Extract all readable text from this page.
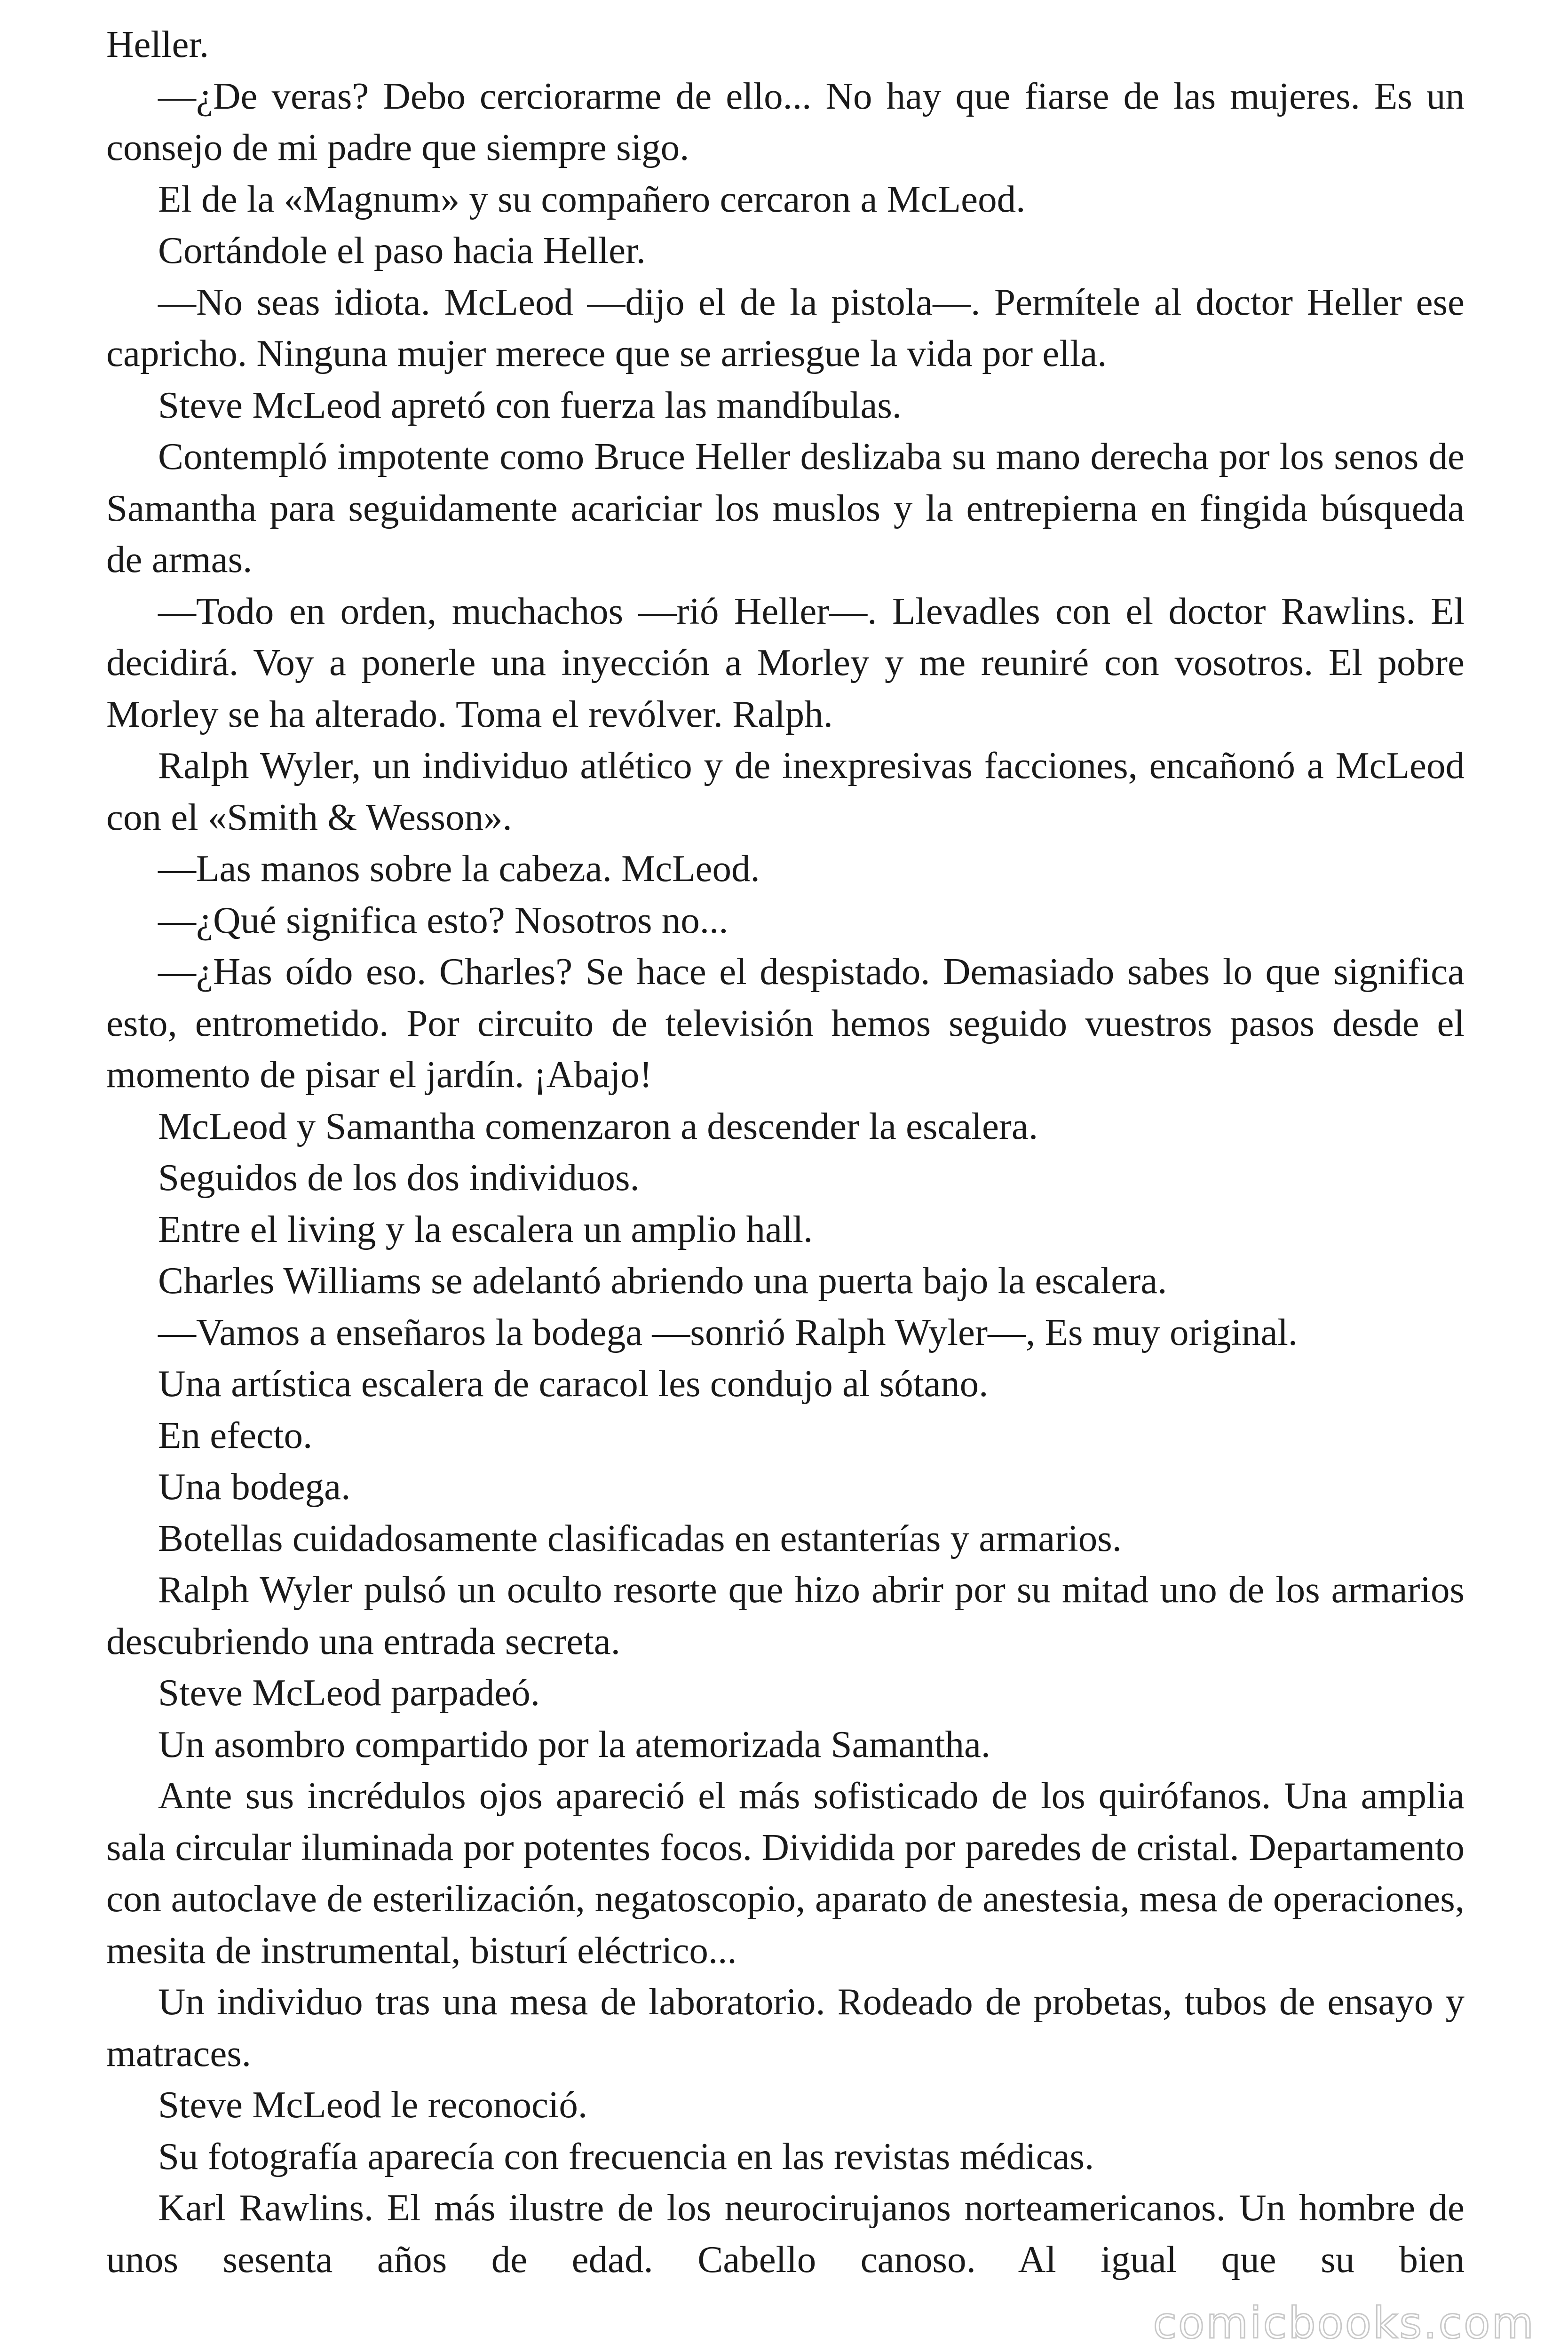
Heller.

—¿De veras? Debo cerciorarme de ello... No hay que fiarse de las mujeres. Es un consejo de mi padre que siempre sigo.

El de la «Magnum» y su compañero cercaron a McLeod.

Cortándole el paso hacia Heller.

—No seas idiota. McLeod —dijo el de la pistola—. Permítele al doctor Heller ese capricho. Ninguna mujer merece que se arriesgue la vida por ella.

Steve McLeod apretó con fuerza las mandíbulas.

Contempló impotente como Bruce Heller deslizaba su mano derecha por los senos de Samantha para seguidamente acariciar los muslos y la entrepierna en fingida búsqueda de armas.

—Todo en orden, muchachos —rió Heller—. Llevadles con el doctor Rawlins. El decidirá. Voy a ponerle una inyección a Morley y me reuniré con vosotros. El pobre Morley se ha alterado. Toma el revólver. Ralph.

Ralph Wyler, un individuo atlético y de inexpresivas facciones, encañonó a McLeod con el «Smith & Wesson».

—Las manos sobre la cabeza. McLeod.

—¿Qué significa esto? Nosotros no...

—¿Has oído eso. Charles? Se hace el despistado. Demasiado sabes lo que significa esto, entrometido. Por circuito de televisión hemos seguido vuestros pasos desde el momento de pisar el jardín. ¡Abajo!

McLeod y Samantha comenzaron a descender la escalera.

Seguidos de los dos individuos.

Entre el living y la escalera un amplio hall.

Charles Williams se adelantó abriendo una puerta bajo la escalera.

—Vamos a enseñaros la bodega —sonrió Ralph Wyler—, Es muy original.

Una artística escalera de caracol les condujo al sótano.

En efecto.

Una bodega.

Botellas cuidadosamente clasificadas en estanterías y armarios.

Ralph Wyler pulsó un oculto resorte que hizo abrir por su mitad uno de los armarios descubriendo una entrada secreta.

Steve McLeod parpadeó.

Un asombro compartido por la atemorizada Samantha.

Ante sus incrédulos ojos apareció el más sofisticado de los quirófanos. Una amplia sala circular iluminada por potentes focos. Dividida por paredes de cristal. Departamento con autoclave de esterilización, negatoscopio, aparato de anestesia, mesa de operaciones, mesita de instrumental, bisturí eléctrico...

Un individuo tras una mesa de laboratorio. Rodeado de probetas, tubos de ensayo y matraces.

Steve McLeod le reconoció.

Su fotografía aparecía con frecuencia en las revistas médicas.

Karl Rawlins. El más ilustre de los neurocirujanos norteamericanos. Un hombre de unos sesenta años de edad. Cabello canoso. Al igual que su bien

comicbooks.com
